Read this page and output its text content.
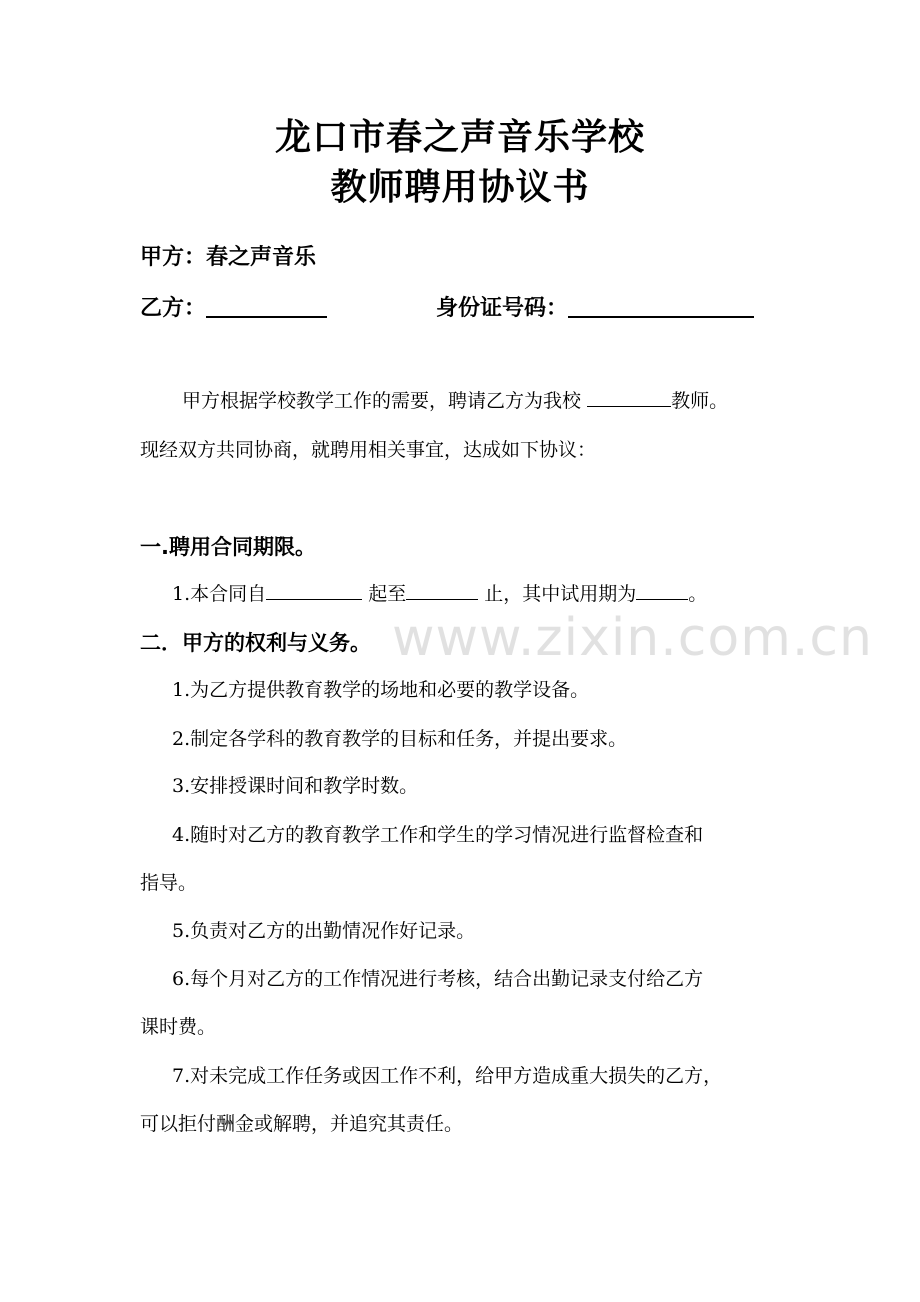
龙口市春之声音乐学校
教师聘用协议书
甲方：春之声音乐
乙方：	身份证号码：
甲方根据学校教学工作的需要，聘请乙方为我校	教师。
现经双方共同协商，就聘用相关事宜，达成如下协议：
一.聘用合同期限。
1.本合同自	起至	止，其中试用期为	。
www.zixin.com.cn
二．甲方的权利与义务。
1.为乙方提供教育教学的场地和必要的教学设备。
2.制定各学科的教育教学的目标和任务，并提出要求。
3.安排授课时间和教学时数。
4.随时对乙方的教育教学工作和学生的学习情况进行监督检查和
指导。
5.负责对乙方的出勤情况作好记录。
6.每个月对乙方的工作情况进行考核，结合出勤记录支付给乙方
课时费。
7.对未完成工作任务或因工作不利，给甲方造成重大损失的乙方，
可以拒付酬金或解聘，并追究其责任。
